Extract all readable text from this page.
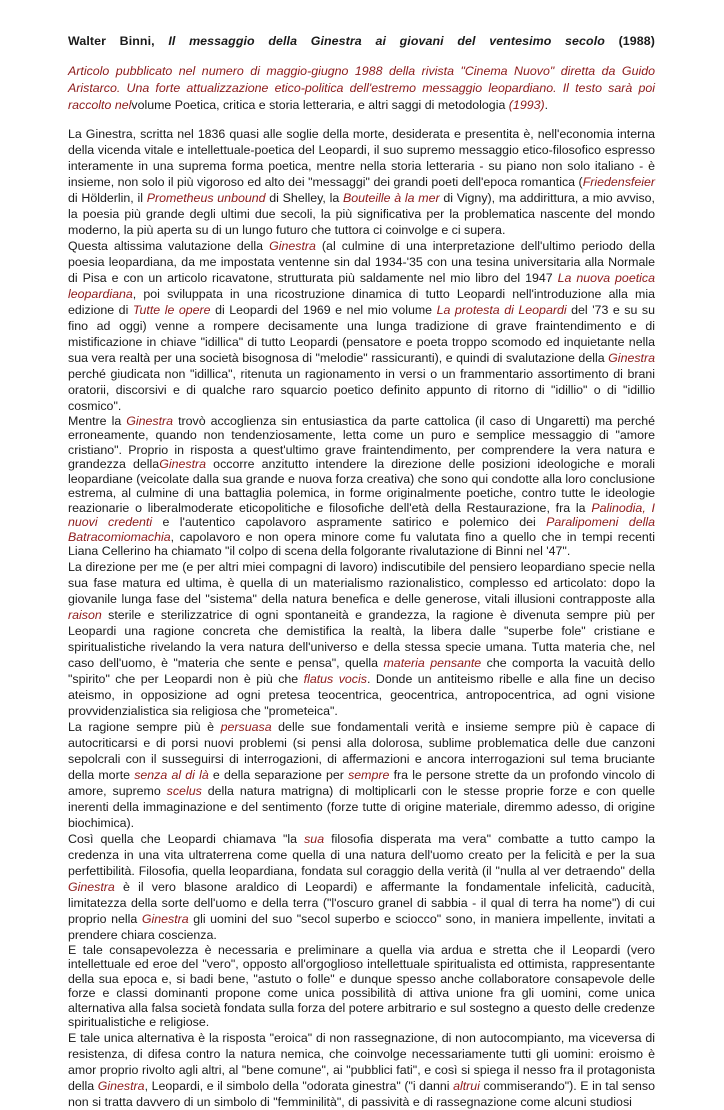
Walter Binni, Il messaggio della Ginestra ai giovani del ventesimo secolo (1988)
Articolo pubblicato nel numero di maggio-giugno 1988 della rivista "Cinema Nuovo" diretta da Guido Aristarco. Una forte attualizzazione etico-politica dell'estremo messaggio leopardiano. Il testo sarà poi raccolto nelvolume Poetica, critica e storia letteraria, e altri saggi di metodologia (1993).

La Ginestra, scritta nel 1836 quasi alle soglie della morte, desiderata e presentita è, nell'economia interna della vicenda vitale e intellettuale-poetica del Leopardi, il suo supremo messaggio etico-filosofico espresso interamente in una suprema forma poetica, mentre nella storia letteraria - su piano non solo italiano - è insieme, non solo il più vigoroso ed alto dei "messaggi" dei grandi poeti dell'epoca romantica (Friedensfeier di Hölderlin, il Prometheus unbound di Shelley, la Bouteille à la mer di Vigny), ma addirittura, a mio avviso, la poesia più grande degli ultimi due secoli, la più significativa per la problematica nascente del mondo moderno, la più aperta su di un lungo futuro che tuttora ci coinvolge e ci supera.

Questa altissima valutazione della Ginestra (al culmine di una interpretazione dell'ultimo periodo della poesia leopardiana, da me impostata ventenne sin dal 1934-'35 con una tesina universitaria alla Normale di Pisa e con un articolo ricavatone, strutturata più saldamente nel mio libro del 1947 La nuova poetica leopardiana, poi sviluppata in una ricostruzione dinamica di tutto Leopardi nell'introduzione alla mia edizione di Tutte le opere di Leopardi del 1969 e nel mio volume La protesta di Leopardi del '73 e su su fino ad oggi) venne a rompere decisamente una lunga tradizione di grave fraintendimento e di mistificazione in chiave "idillica" di tutto Leopardi (pensatore e poeta troppo scomodo ed inquietante nella sua vera realtà per una società bisognosa di "melodie" rassicuranti), e quindi di svalutazione della Ginestra perché giudicata non "idillica", ritenuta un ragionamento in versi o un frammentario assortimento di brani oratorii, discorsivi e di qualche raro squarcio poetico definito appunto di ritorno di "idillio" o di "idillio cosmico".

Mentre la Ginestra trovò accoglienza sin entusiastica da parte cattolica (il caso di Ungaretti) ma perché erroneamente, quando non tendenziosamente, letta come un puro e semplice messaggio di "amore cristiano". Proprio in risposta a quest'ultimo grave fraintendimento, per comprendere la vera natura e grandezza dellaGinestra occorre anzitutto intendere la direzione delle posizioni ideologiche e morali leopardiane (veicolate dalla sua grande e nuova forza creativa) che sono qui condotte alla loro conclusione estrema, al culmine di una battaglia polemica, in forme originalmente poetiche, contro tutte le ideologie reazionarie o liberalmoderate eticopolitiche e filosofiche dell'età della Restaurazione, fra la Palinodia, I nuovi credenti e l'autentico capolavoro aspramente satirico e polemico dei Paralipomeni della Batracomiomachia, capolavoro e non opera minore come fu valutata fino a quello che in tempi recenti Liana Cellerino ha chiamato "il colpo di scena della folgorante rivalutazione di Binni nel '47".

La direzione per me (e per altri miei compagni di lavoro) indiscutibile del pensiero leopardiano specie nella sua fase matura ed ultima, è quella di un materialismo razionalistico, complesso ed articolato: dopo la giovanile lunga fase del "sistema" della natura benefica e delle generose, vitali illusioni contrapposte alla raison sterile e sterilizzatrice di ogni spontaneità e grandezza, la ragione è divenuta sempre più per Leopardi una ragione concreta che demistifica la realtà, la libera dalle "superbe fole" cristiane e spiritualistiche rivelando la vera natura dell'universo e della stessa specie umana. Tutta materia che, nel caso dell'uomo, è "materia che sente e pensa", quella materia pensante che comporta la vacuità dello "spirito" che per Leopardi non è più che flatus vocis. Donde un antiteismo ribelle e alla fine un deciso ateismo, in opposizione ad ogni pretesa teocentrica, geocentrica, antropocentrica, ad ogni visione provvidenzialistica sia religiosa che "prometeica".

La ragione sempre più è persuasa delle sue fondamentali verità e insieme sempre più è capace di autocriticarsi e di porsi nuovi problemi (si pensi alla dolorosa, sublime problematica delle due canzoni sepolcrali con il susseguirsi di interrogazioni, di affermazioni e ancora interrogazioni sul tema bruciante della morte senza al di là e della separazione per sempre fra le persone strette da un profondo vincolo di amore, supremo scelus della natura matrigna) di moltiplicarli con le stesse proprie forze e con quelle inerenti della immaginazione e del sentimento (forze tutte di origine materiale, diremmo adesso, di origine biochimica).

Così quella che Leopardi chiamava "la sua filosofia disperata ma vera" combatte a tutto campo la credenza in una vita ultraterrena come quella di una natura dell'uomo creato per la felicità e per la sua perfettibilità. Filosofia, quella leopardiana, fondata sul coraggio della verità (il "nulla al ver detraendo" della Ginestra è il vero blasone araldico di Leopardi) e affermante la fondamentale infelicità, caducità, limitatezza della sorte dell'uomo e della terra ("l'oscuro granel di sabbia - il qual di terra ha nome") di cui proprio nella Ginestra gli uomini del suo "secol superbo e sciocco" sono, in maniera impellente, invitati a prendere chiara coscienza.

E tale consapevolezza è necessaria e preliminare a quella via ardua e stretta che il Leopardi (vero intellettuale ed eroe del "vero", opposto all'orgoglioso intellettuale spiritualista ed ottimista, rappresentante della sua epoca e, si badi bene, "astuto o folle" e dunque spesso anche collaboratore consapevole delle forze e classi dominanti propone come unica possibilità di attiva unione fra gli uomini, come unica alternativa alla falsa società fondata sulla forza del potere arbitrario e sul sostegno a questo delle credenze spiritualistiche e religiose.

E tale unica alternativa è la risposta "eroica" di non rassegnazione, di non autocompianto, ma viceversa di resistenza, di difesa contro la natura nemica, che coinvolge necessariamente tutti gli uomini: eroismo è amor proprio rivolto agli altri, al "bene comune", ai "pubblici fati", e così si spiega il nesso fra il protagonista della Ginestra, Leopardi, e il simbolo della "odorata ginestra" ("i danni altrui commiserando"). E in tal senso non si tratta davvero di un simbolo di "femminilità", di passività e di rassegnazione come alcuni studiosi
